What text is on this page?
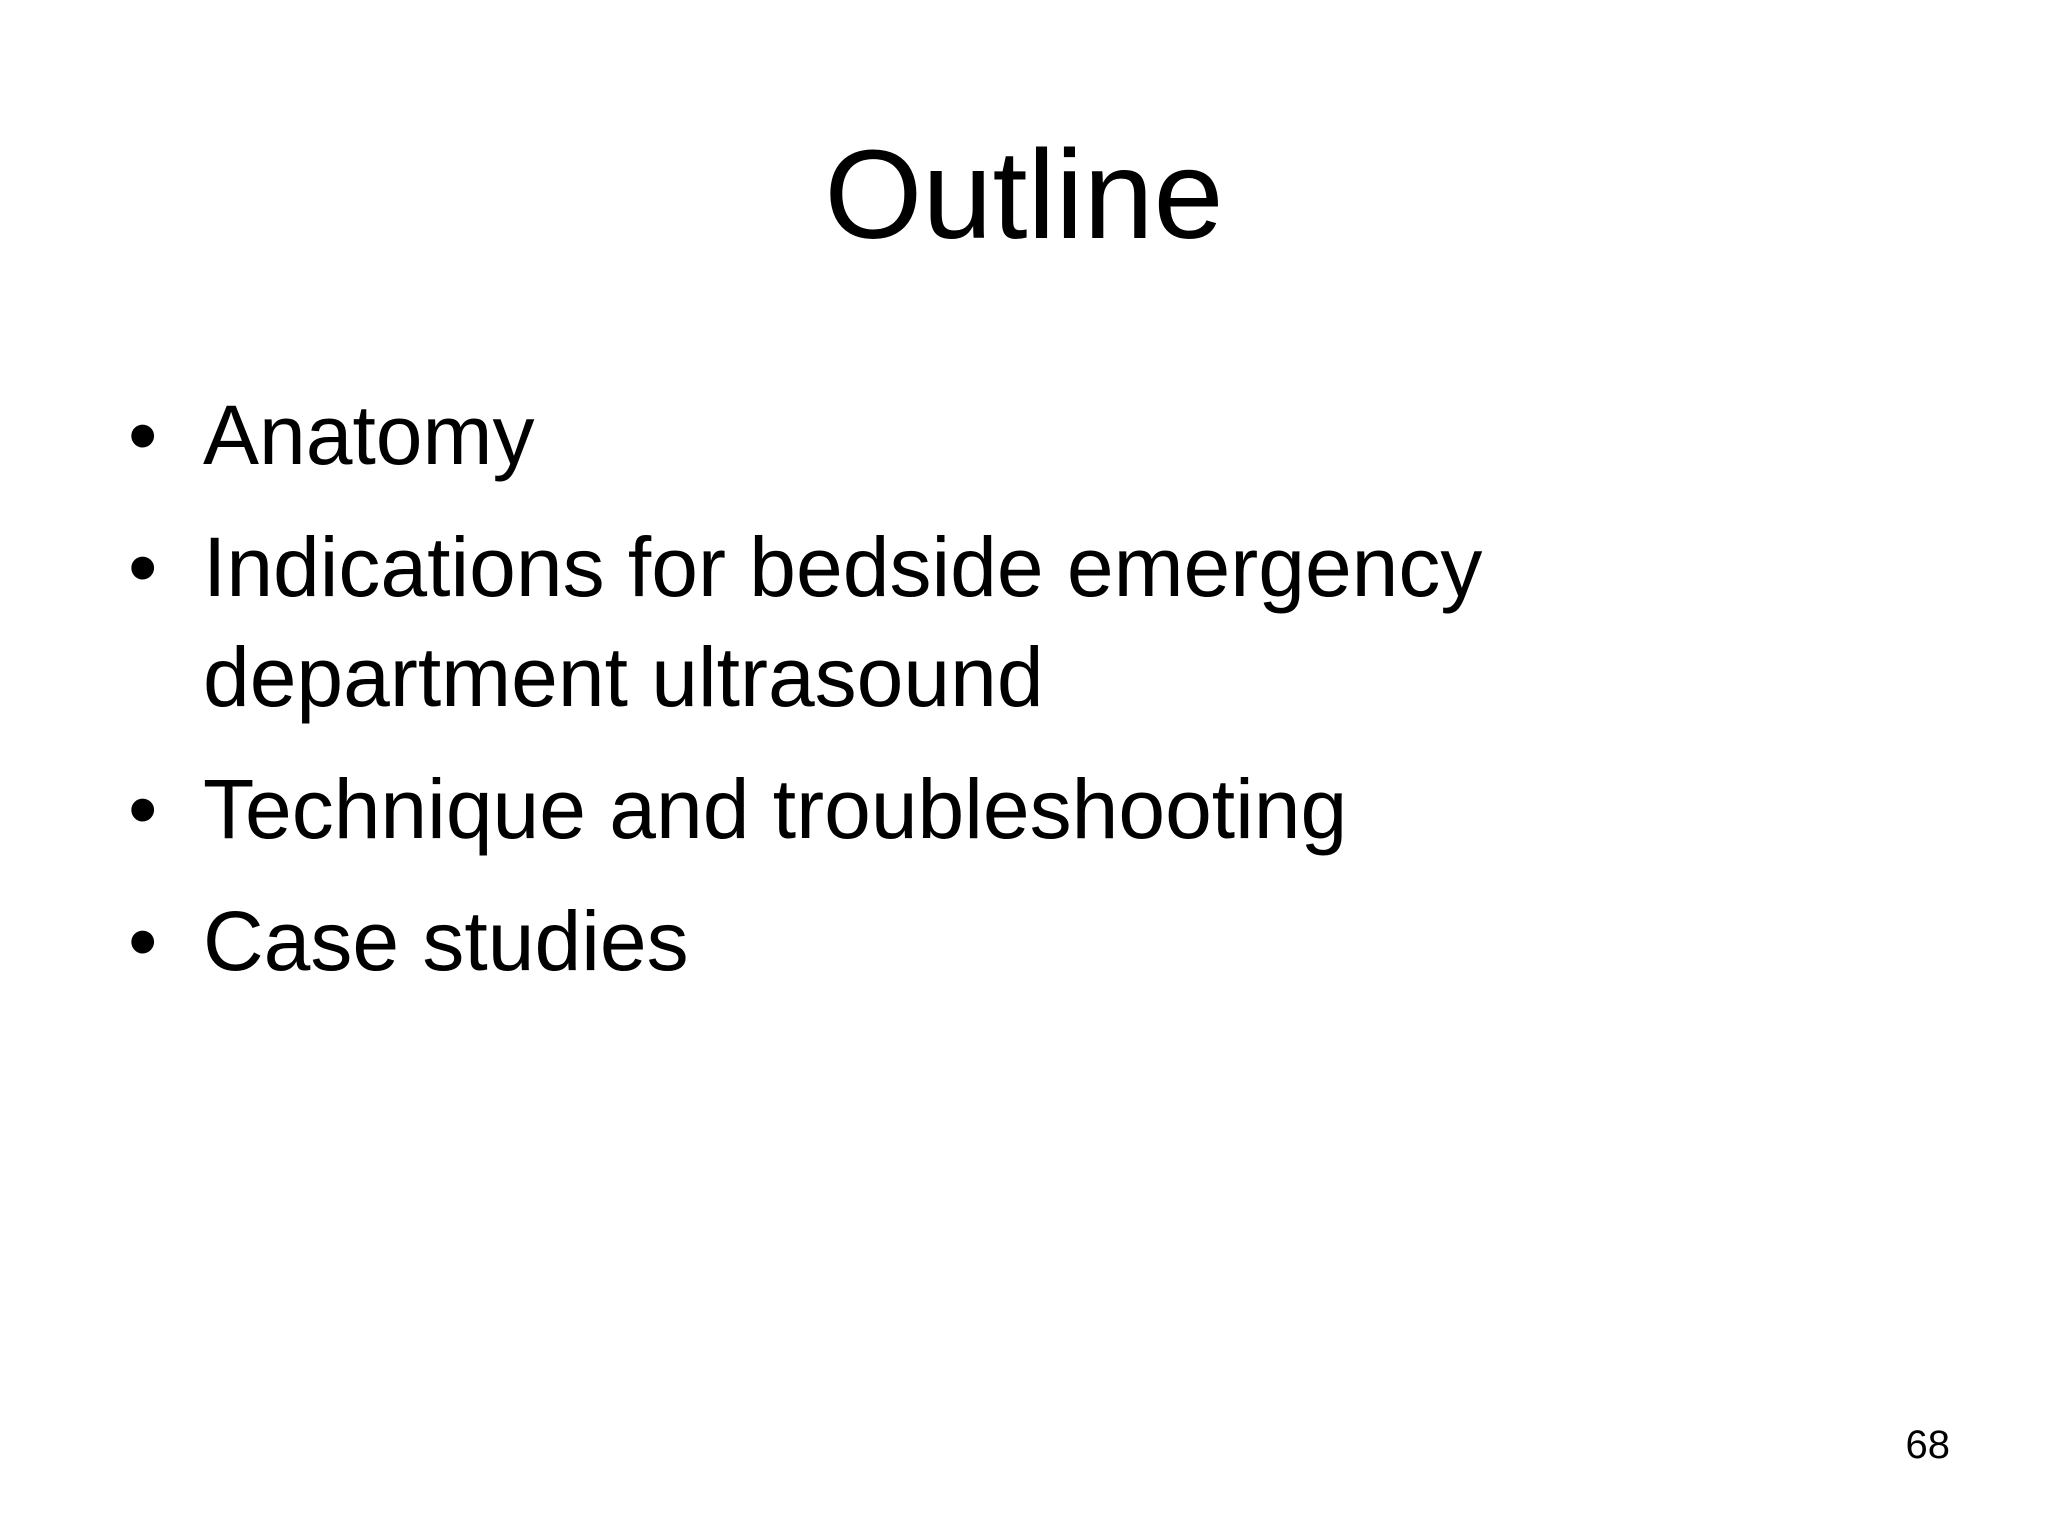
Outline
• Anatomy
• Indications for bedside emergency department ultrasound
• Technique and troubleshooting
• Case studies
68
